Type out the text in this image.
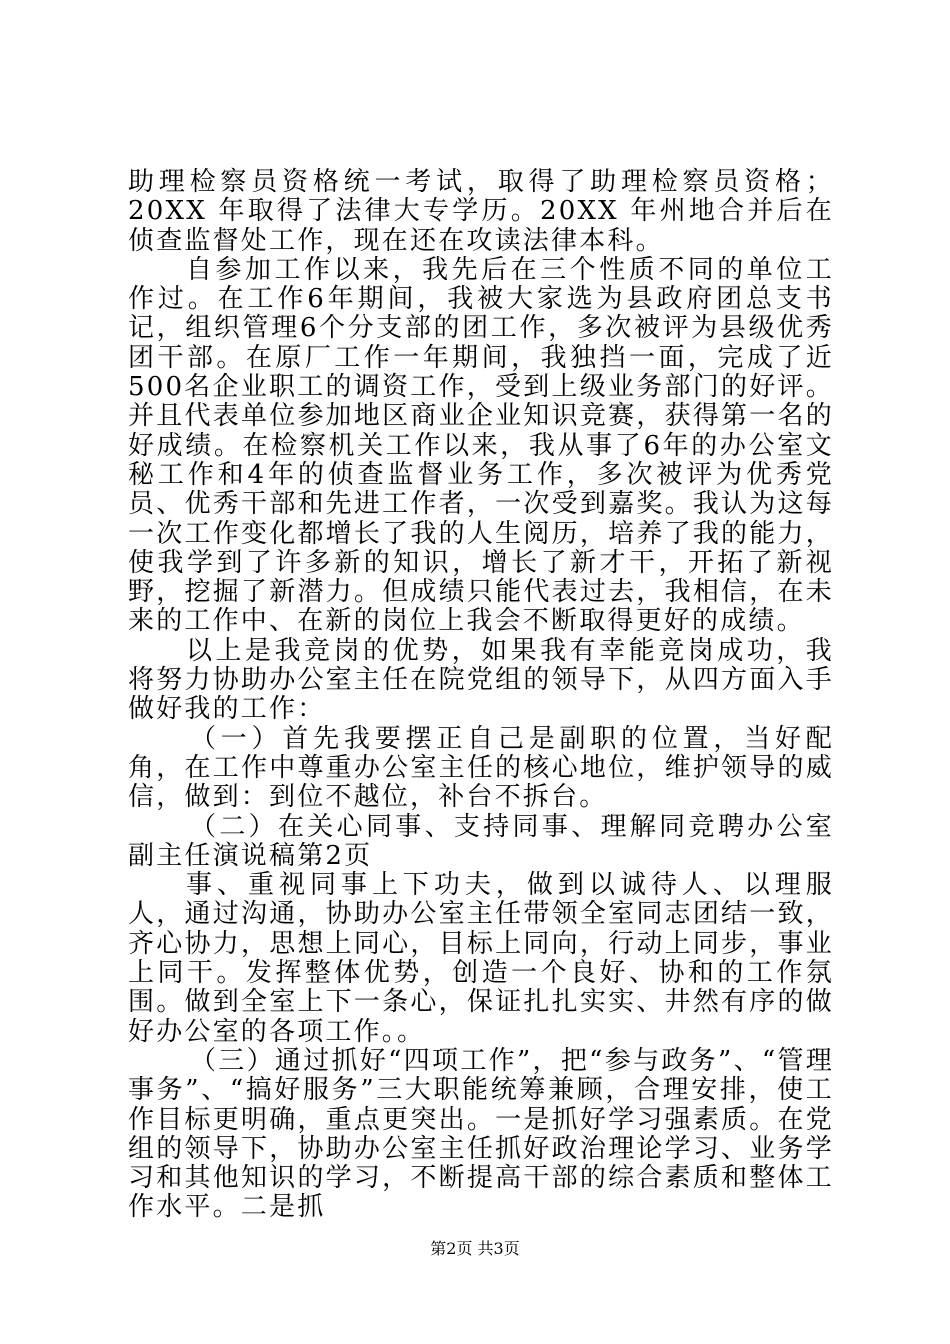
助理检察员资格统一考试，取得了助理检察员资格；20XX 年取得了法律大专学历。20XX 年州地合并后在侦查监督处工作，现在还在攻读法律本科。

自参加工作以来，我先后在三个性质不同的单位工作过。在工作6年期间，我被大家选为县政府团总支书记，组织管理6个分支部的团工作，多次被评为县级优秀团干部。在原厂工作一年期间，我独挡一面，完成了近500名企业职工的调资工作，受到上级业务部门的好评。并且代表单位参加地区商业企业知识竞赛，获得第一名的好成绩。在检察机关工作以来，我从事了6年的办公室文秘工作和4年的侦查监督业务工作，多次被评为优秀党员、优秀干部和先进工作者，一次受到嘉奖。我认为这每一次工作变化都增长了我的人生阅历，培养了我的能力，使我学到了许多新的知识，增长了新才干，开拓了新视野，挖掘了新潜力。但成绩只能代表过去，我相信，在未来的工作中、在新的岗位上我会不断取得更好的成绩。

以上是我竞岗的优势，如果我有幸能竞岗成功，我将努力协助办公室主任在院党组的领导下，从四方面入手做好我的工作：

（一）首先我要摆正自己是副职的位置，当好配角，在工作中尊重办公室主任的核心地位，维护领导的威信，做到：到位不越位，补台不拆台。

（二）在关心同事、支持同事、理解同竞聘办公室副主任演说稿第2页

事、重视同事上下功夫，做到以诚待人、以理服人，通过沟通，协助办公室主任带领全室同志团结一致，齐心协力，思想上同心，目标上同向，行动上同步，事业上同干。发挥整体优势，创造一个良好、协和的工作氛围。做到全室上下一条心，保证扎扎实实、井然有序的做好办公室的各项工作。。

（三）通过抓好“四项工作”，把“参与政务”、“管理事务”、“搞好服务”三大职能统筹兼顾，合理安排，使工作目标更明确，重点更突出。一是抓好学习强素质。在党组的领导下，协助办公室主任抓好政治理论学习、业务学习和其他知识的学习，不断提高干部的综合素质和整体工作水平。二是抓

第2页 共3页
